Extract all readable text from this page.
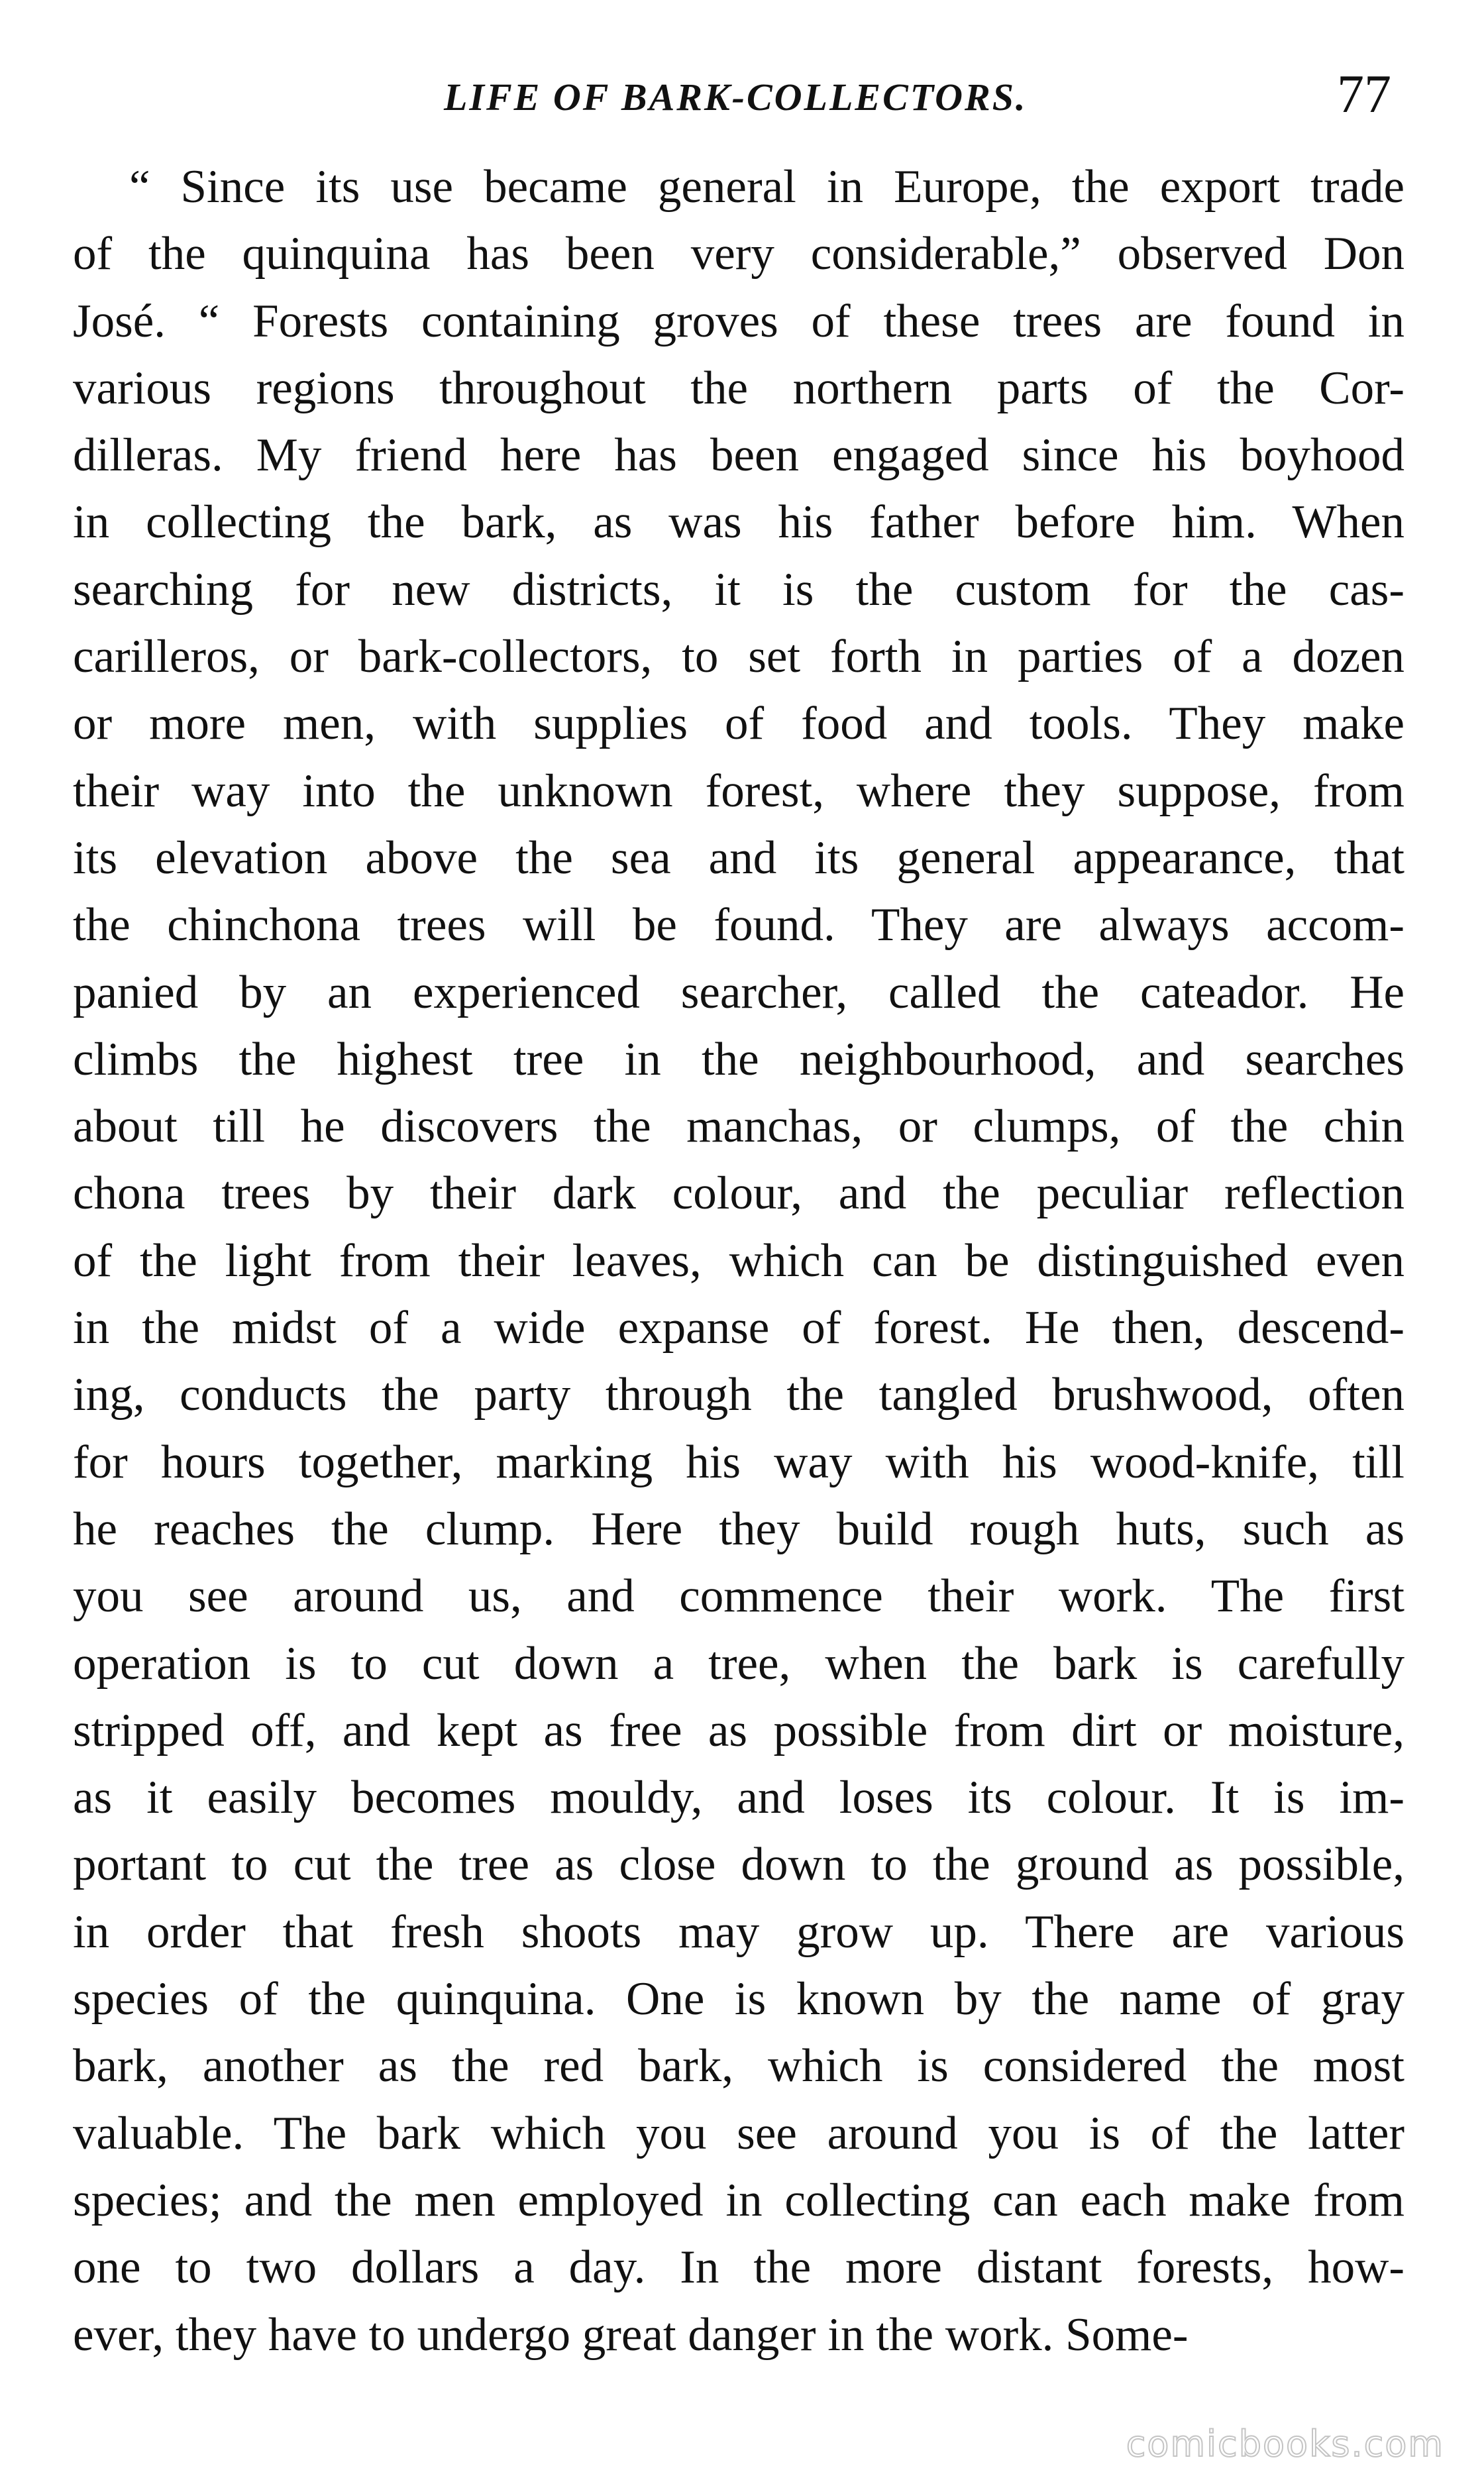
LIFE OF BARK-COLLECTORS.	77
“ Since its use became general in Europe, the export trade
of the quinquina has been very considerable,” observed Don
José. “ Forests containing groves of these trees are found in
various regions throughout the northern parts of the Cor-
dilleras. My friend here has been engaged since his boyhood
in collecting the bark, as was his father before him. When
searching for new districts, it is the custom for the cas-
carilleros, or bark-collectors, to set forth in parties of a dozen
or more men, with supplies of food and tools. They make
their way into the unknown forest, where they suppose, from
its elevation above the sea and its general appearance, that
the chinchona trees will be found. They are always accom-
panied by an experienced searcher, called the cateador. He
climbs the highest tree in the neighbourhood, and searches
about till he discovers the manchas, or clumps, of the chin
chona trees by their dark colour, and the peculiar reflection
of the light from their leaves, which can be distinguished even
in the midst of a wide expanse of forest. He then, descend-
ing, conducts the party through the tangled brushwood, often
for hours together, marking his way with his wood-knife, till
he reaches the clump. Here they build rough huts, such as
you see around us, and commence their work. The first
operation is to cut down a tree, when the bark is carefully
stripped off, and kept as free as possible from dirt or moisture,
as it easily becomes mouldy, and loses its colour. It is im-
portant to cut the tree as close down to the ground as possible,
in order that fresh shoots may grow up. There are various
species of the quinquina. One is known by the name of gray
bark, another as the red bark, which is considered the most
valuable. The bark which you see around you is of the latter
species; and the men employed in collecting can each make from
one to two dollars a day. In the more distant forests, how-
ever, they have to undergo great danger in the work. Some-
comicbooks.com
